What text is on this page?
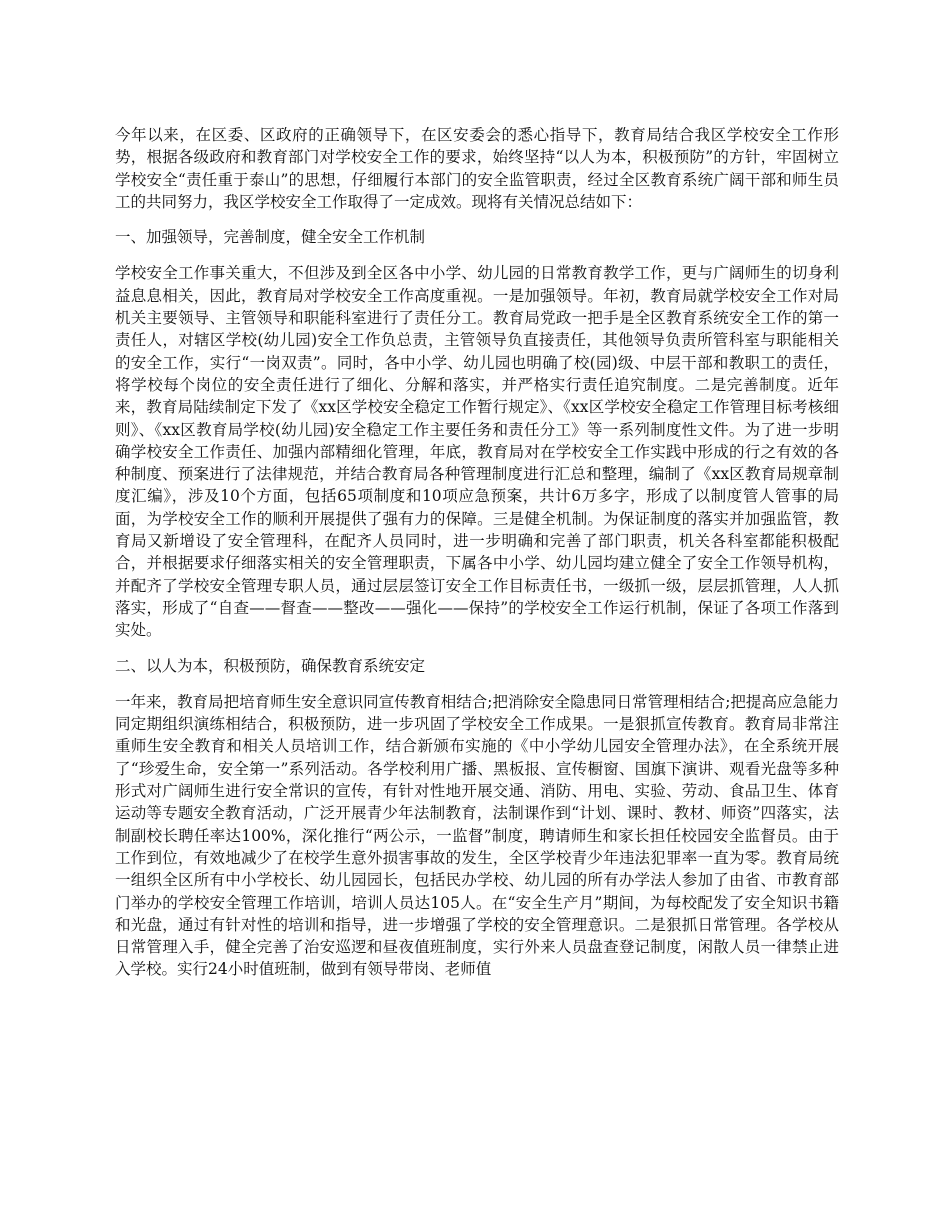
今年以来，在区委、区政府的正确领导下，在区安委会的悉心指导下，教育局结合我区学校安全工作形势，根据各级政府和教育部门对学校安全工作的要求，始终坚持“以人为本，积极预防”的方针，牢固树立学校安全“责任重于泰山”的思想，仔细履行本部门的安全监管职责，经过全区教育系统广阔干部和师生员工的共同努力，我区学校安全工作取得了一定成效。现将有关情况总结如下：

一、加强领导，完善制度，健全安全工作机制

学校安全工作事关重大，不但涉及到全区各中小学、幼儿园的日常教育教学工作，更与广阔师生的切身利益息息相关，因此，教育局对学校安全工作高度重视。一是加强领导。年初，教育局就学校安全工作对局机关主要领导、主管领导和职能科室进行了责任分工。教育局党政一把手是全区教育系统安全工作的第一责任人，对辖区学校(幼儿园)安全工作负总责，主管领导负直接责任，其他领导负责所管科室与职能相关的安全工作，实行“一岗双责”。同时，各中小学、幼儿园也明确了校(园)级、中层干部和教职工的责任，将学校每个岗位的安全责任进行了细化、分解和落实，并严格实行责任追究制度。二是完善制度。近年来，教育局陆续制定下发了《xx区学校安全稳定工作暂行规定》、《xx区学校安全稳定工作管理目标考核细则》、《xx区教育局学校(幼儿园)安全稳定工作主要任务和责任分工》等一系列制度性文件。为了进一步明确学校安全工作责任、加强内部精细化管理，年底，教育局对在学校安全工作实践中形成的行之有效的各种制度、预案进行了法律规范，并结合教育局各种管理制度进行汇总和整理，编制了《xx区教育局规章制度汇编》，涉及10个方面，包括65项制度和10项应急预案，共计6万多字，形成了以制度管人管事的局面，为学校安全工作的顺利开展提供了强有力的保障。三是健全机制。为保证制度的落实并加强监管，教育局又新增设了安全管理科，在配齐人员同时，进一步明确和完善了部门职责，机关各科室都能积极配合，并根据要求仔细落实相关的安全管理职责，下属各中小学、幼儿园均建立健全了安全工作领导机构，并配齐了学校安全管理专职人员，通过层层签订安全工作目标责任书，一级抓一级，层层抓管理，人人抓落实，形成了“自查——督查——整改——强化——保持”的学校安全工作运行机制，保证了各项工作落到实处。

二、以人为本，积极预防，确保教育系统安定

一年来，教育局把培育师生安全意识同宣传教育相结合;把消除安全隐患同日常管理相结合;把提高应急能力同定期组织演练相结合，积极预防，进一步巩固了学校安全工作成果。一是狠抓宣传教育。教育局非常注重师生安全教育和相关人员培训工作，结合新颁布实施的《中小学幼儿园安全管理办法》，在全系统开展了“珍爱生命，安全第一”系列活动。各学校利用广播、黑板报、宣传橱窗、国旗下演讲、观看光盘等多种形式对广阔师生进行安全常识的宣传，有针对性地开展交通、消防、用电、实验、劳动、食品卫生、体育运动等专题安全教育活动，广泛开展青少年法制教育，法制课作到“计划、课时、教材、师资”四落实，法制副校长聘任率达100%，深化推行“两公示，一监督”制度，聘请师生和家长担任校园安全监督员。由于工作到位，有效地减少了在校学生意外损害事故的发生，全区学校青少年违法犯罪率一直为零。教育局统一组织全区所有中小学校长、幼儿园园长，包括民办学校、幼儿园的所有办学法人参加了由省、市教育部门举办的学校安全管理工作培训，培训人员达105人。在“安全生产月”期间，为每校配发了安全知识书籍和光盘，通过有针对性的培训和指导，进一步增强了学校的安全管理意识。二是狠抓日常管理。各学校从日常管理入手，健全完善了治安巡逻和昼夜值班制度，实行外来人员盘查登记制度，闲散人员一律禁止进入学校。实行24小时值班制，做到有领导带岗、老师值
